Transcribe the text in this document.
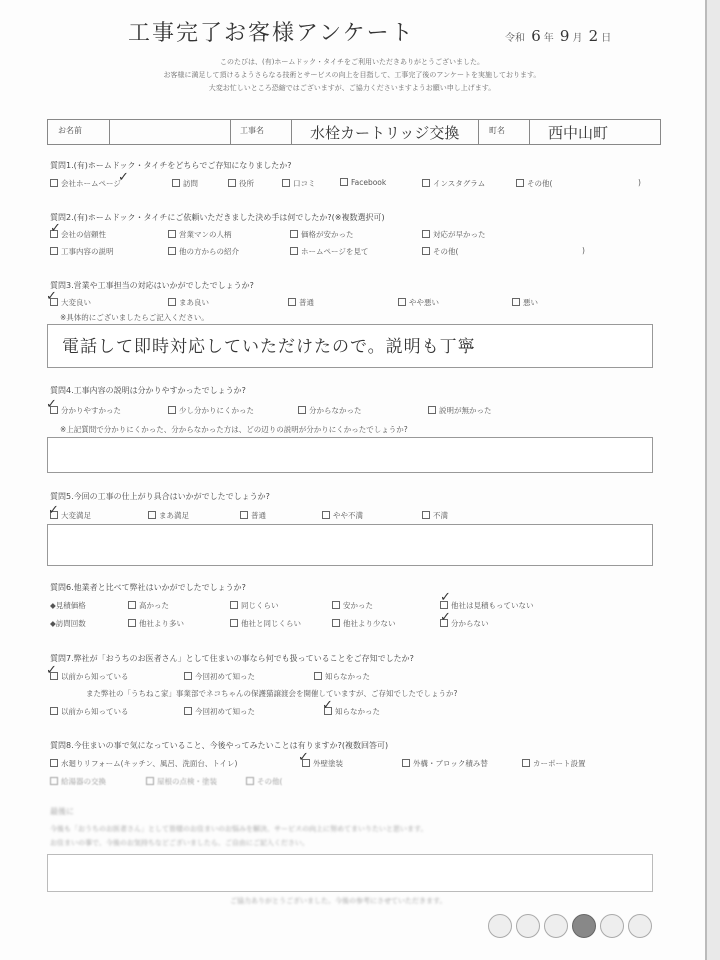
工事完了お客様アンケート	令和 6 年 9 月 2 日
このたびは、(有)ホームドック・タイチをご利用いただきありがとうございました。
お客様に満足して頂けるようさらなる技術とサービスの向上を目指して、工事完了後のアンケートを実施しております。
大変お忙しいところ恐縮ではございますが、ご協力くださいますようお願い申し上げます。
お名前	工事名	水栓カートリッジ交換	町名	西中山町
質問1.(有)ホームドック・タイチをどちらでご存知になりましたか?
会社ホームページ	訪問	役所	口コミ	Facebook	インスタグラム	その他(	)
✓
質問2.(有)ホームドック・タイチにご依頼いただきました決め手は何でしたか?(※複数選択可)
会社の信頼性	営業マンの人柄	価格が安かった	対応が早かった
工事内容の説明	他の方からの紹介	ホームページを見て	その他(	)
✓
質問3.営業や工事担当の対応はいかがでしたでしょうか?
大変良い	まあ良い	普通	やや悪い	悪い
✓
※具体的にございましたらご記入ください。
電話して即時対応していただけたので。説明も丁寧
質問4.工事内容の説明は分かりやすかったでしょうか?
分かりやすかった	少し分かりにくかった	分からなかった	説明が無かった
✓
※上記質問で分かりにくかった、分からなかった方は、どの辺りの説明が分かりにくかったでしょうか?
質問5.今回の工事の仕上がり具合はいかがでしたでしょうか?
大変満足	まあ満足	普通	やや不満	不満
✓
質問6.他業者と比べて弊社はいかがでしたでしょうか?
◆見積価格	高かった	同じくらい	安かった	他社は見積もっていない
◆訪問回数	他社より多い	他社と同じくらい	他社より少ない	分からない
✓
✓
質問7.弊社が「おうちのお医者さん」として住まいの事なら何でも扱っていることをご存知でしたか?
以前から知っている	今回初めて知った	知らなかった
✓
また弊社の「うちねこ家」事業部でネコちゃんの保護猫譲渡会を開催していますが、ご存知でしたでしょうか?
以前から知っている	今回初めて知った	知らなかった
✓
質問8.今住まいの事で気になっていること、今後やってみたいことは有りますか?(複数回答可)
水廻りリフォーム(キッチン、風呂、洗面台、トイレ)	外壁塗装	外構・ブロック積み替	カーポート設置
給湯器の交換	屋根の点検・塗装	その他(
✓
最後に
今後も「おうちのお医者さん」として皆様のお住まいのお悩みを解決、サービスの向上に努めてまいりたいと思います。
お住まいの事で、今後のお気持ちなどございましたら、ご自由にご記入ください。
ご協力ありがとうございました。今後の参考にさせていただきます。
